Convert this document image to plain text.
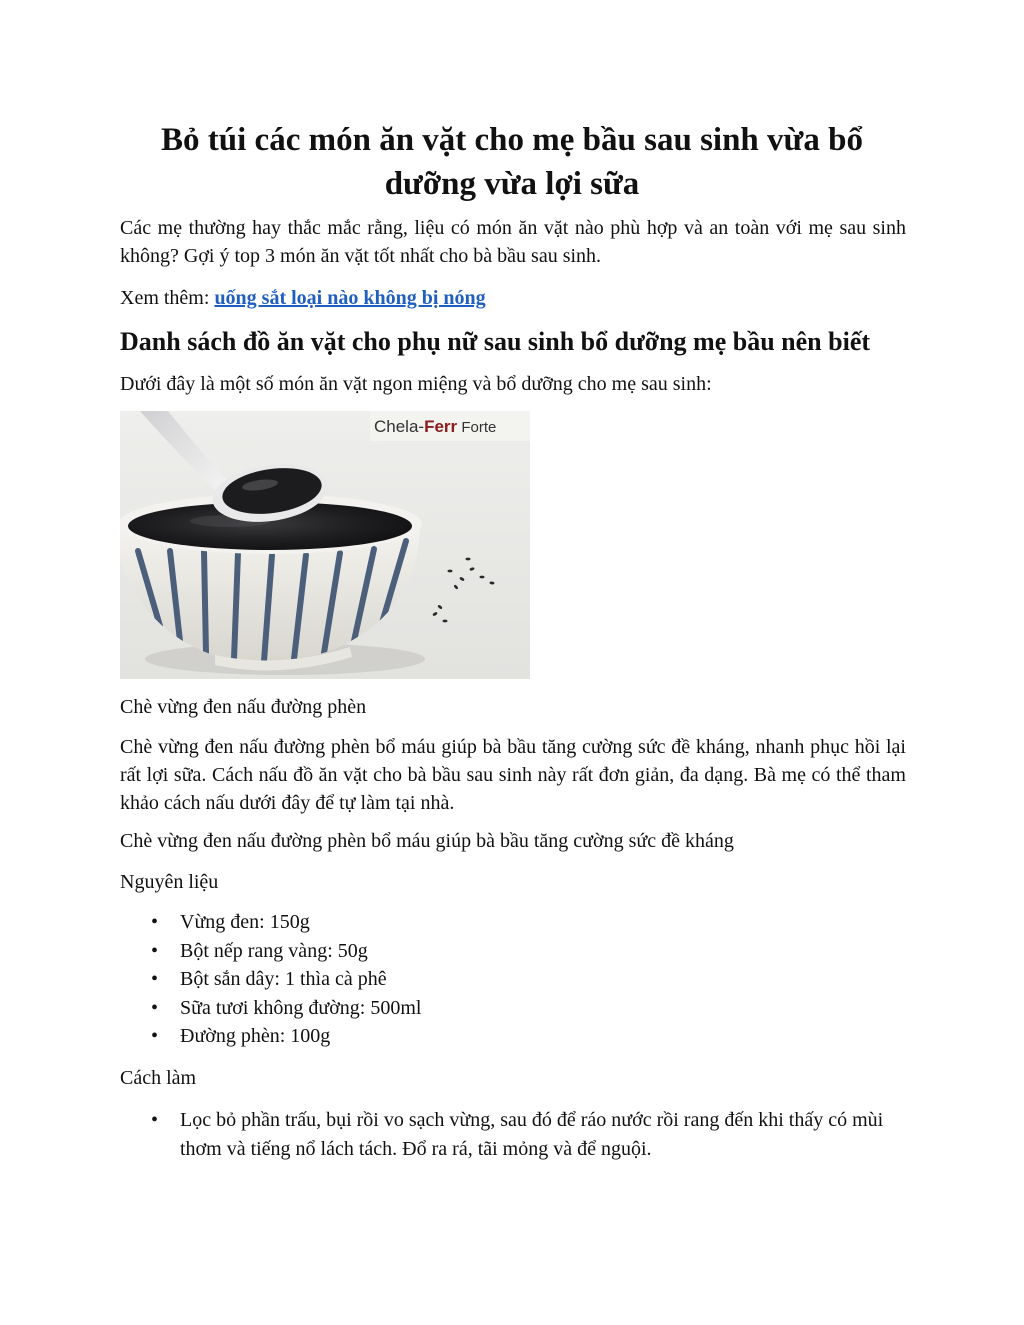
Bỏ túi các món ăn vặt cho mẹ bầu sau sinh vừa bổ dưỡng vừa lợi sữa

Các mẹ thường hay thắc mắc rằng, liệu có món ăn vặt nào phù hợp và an toàn với mẹ sau sinh không? Gợi ý top 3 món ăn vặt tốt nhất cho bà bầu sau sinh.

Xem thêm: uống sắt loại nào không bị nóng

Danh sách đồ ăn vặt cho phụ nữ sau sinh bổ dưỡng mẹ bầu nên biết

Dưới đây là một số món ăn vặt ngon miệng và bổ dưỡng cho mẹ sau sinh:

Chela-Ferr Forte

Chè vừng đen nấu đường phèn

Chè vừng đen nấu đường phèn bổ máu giúp bà bầu tăng cường sức đề kháng, nhanh phục hồi lại rất lợi sữa. Cách nấu đồ ăn vặt cho bà bầu sau sinh này rất đơn giản, đa dạng. Bà mẹ có thể tham khảo cách nấu dưới đây để tự làm tại nhà.

Chè vừng đen nấu đường phèn bổ máu giúp bà bầu tăng cường sức đề kháng

Nguyên liệu

• Vừng đen: 150g
• Bột nếp rang vàng: 50g
• Bột sắn dây: 1 thìa cà phê
• Sữa tươi không đường: 500ml
• Đường phèn: 100g

Cách làm

• Lọc bỏ phần trấu, bụi rồi vo sạch vừng, sau đó để ráo nước rồi rang đến khi thấy có mùi thơm và tiếng nổ lách tách. Đổ ra rá, tãi mỏng và để nguội.
